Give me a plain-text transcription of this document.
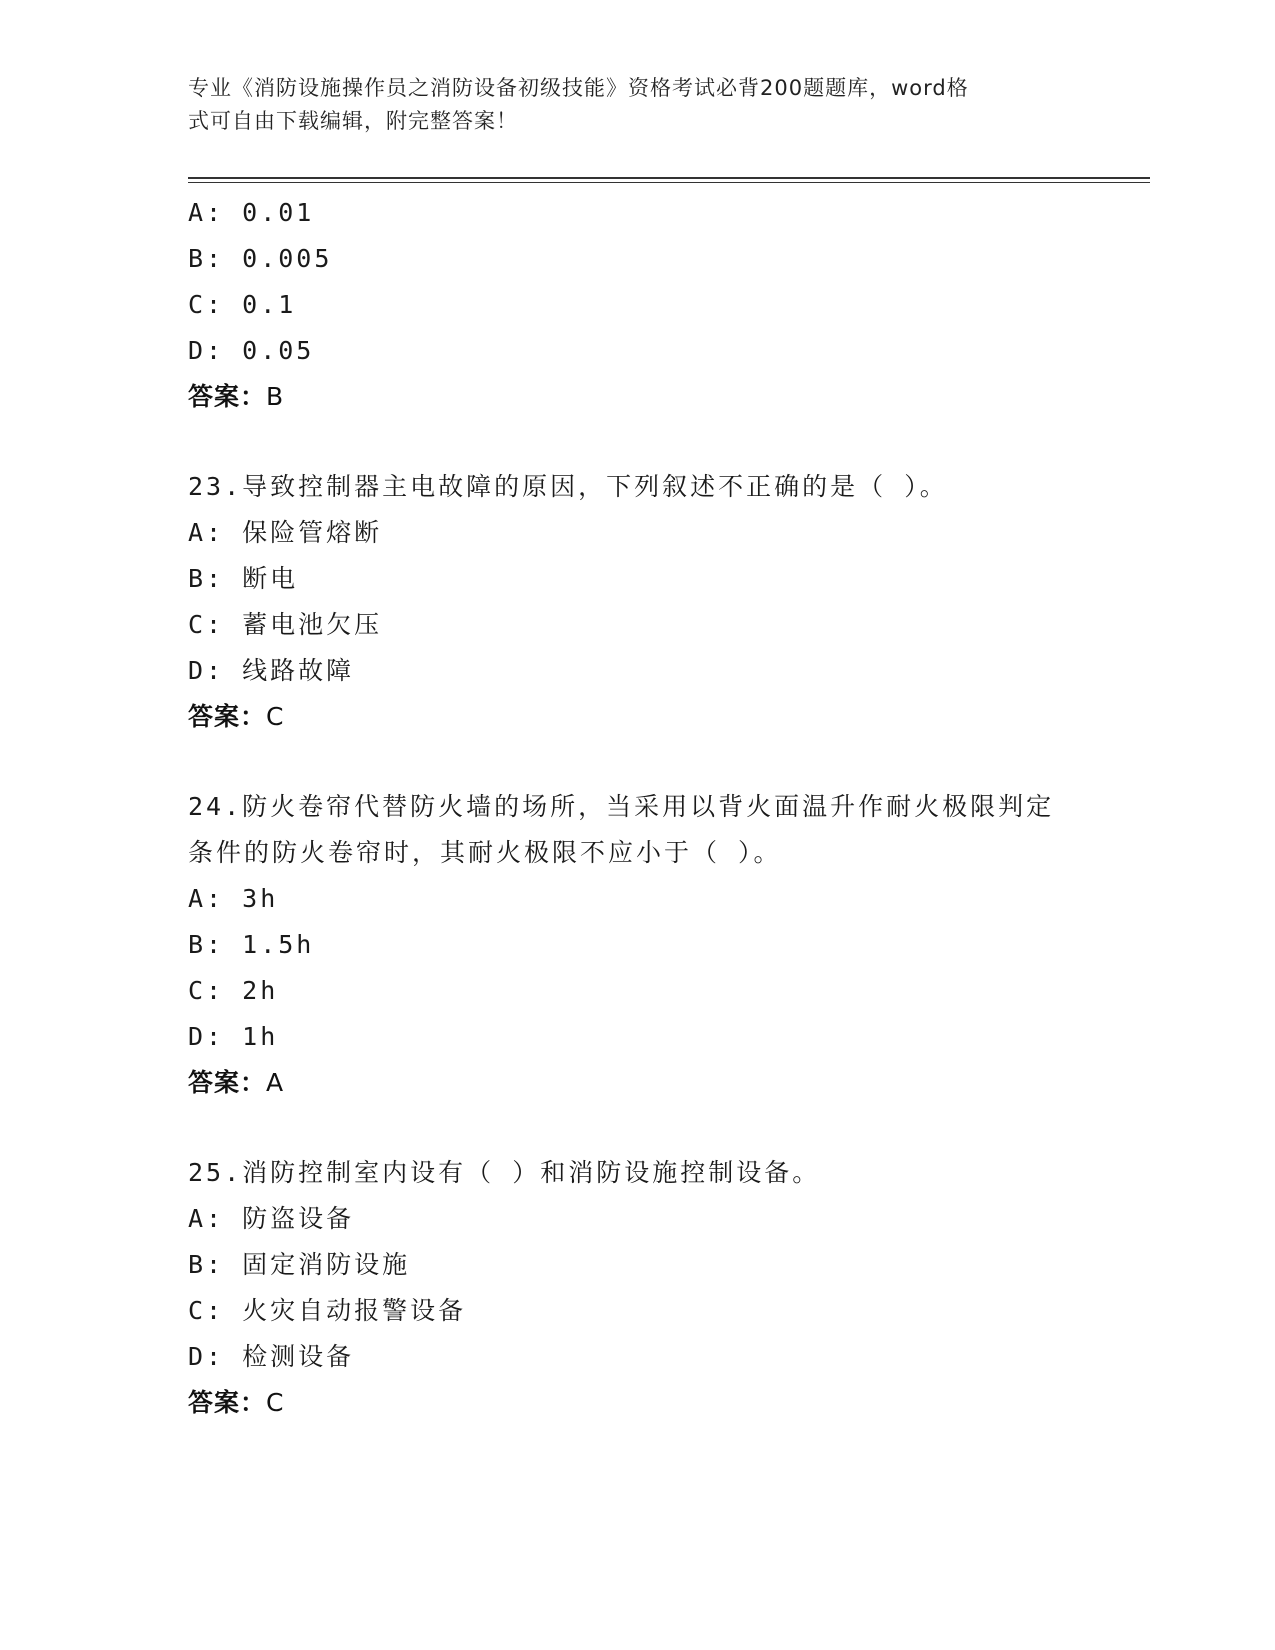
专业《消防设施操作员之消防设备初级技能》资格考试必背200题题库，word格
式可自由下载编辑，附完整答案！
A: 0.01
B: 0.005
C: 0.1
D: 0.05
答案：B
23.导致控制器主电故障的原因，下列叙述不正确的是（ ）。
A: 保险管熔断
B: 断电
C: 蓄电池欠压
D: 线路故障
答案：C
24.防火卷帘代替防火墙的场所，当采用以背火面温升作耐火极限判定
条件的防火卷帘时，其耐火极限不应小于（ ）。
A: 3h
B: 1.5h
C: 2h
D: 1h
答案：A
25.消防控制室内设有（ ）和消防设施控制设备。
A: 防盗设备
B: 固定消防设施
C: 火灾自动报警设备
D: 检测设备
答案：C
